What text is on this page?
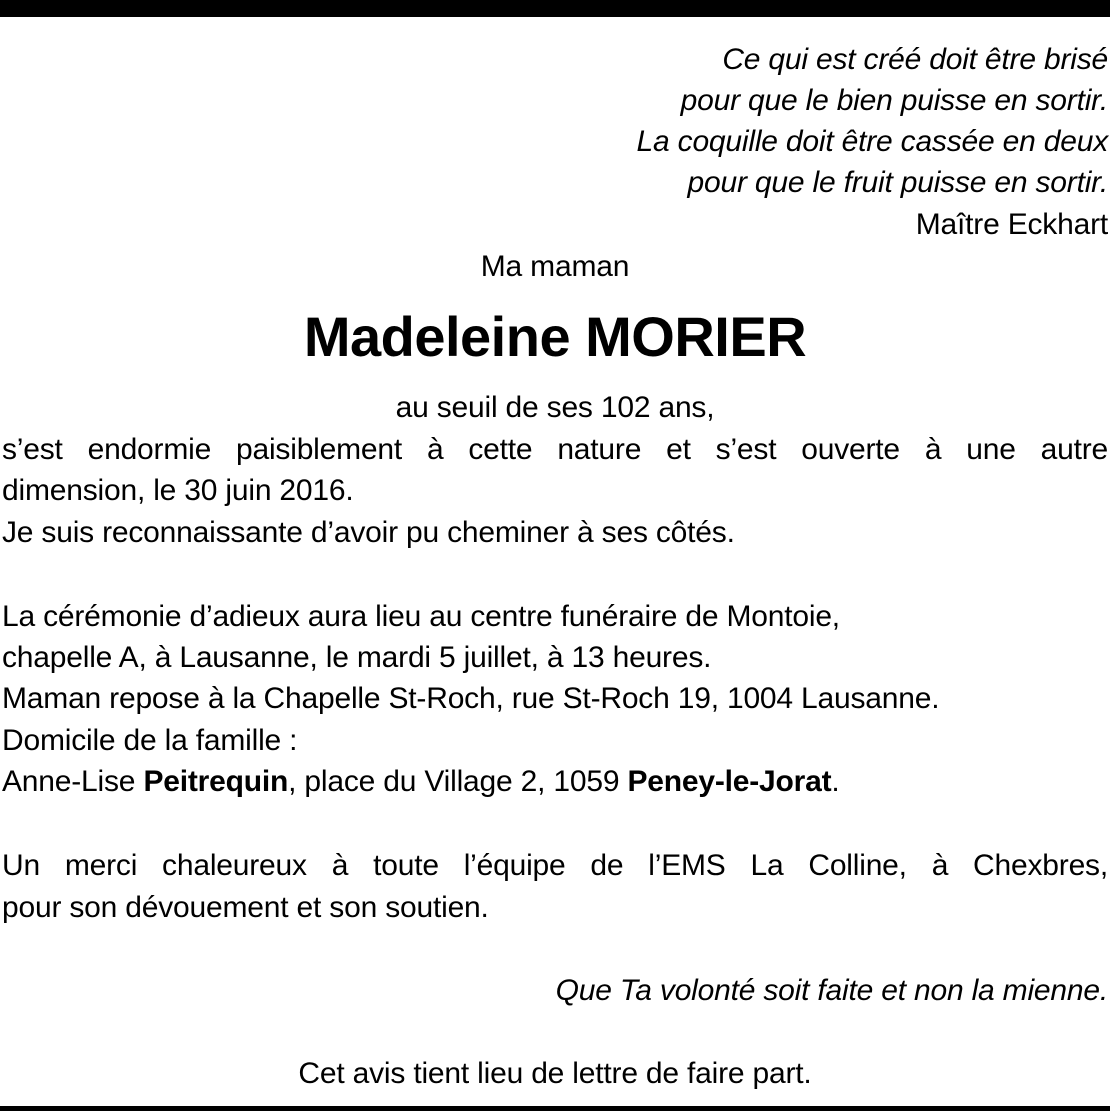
Ce qui est créé doit être brisé
pour que le bien puisse en sortir.
La coquille doit être cassée en deux
pour que le fruit puisse en sortir.
Maître Eckhart
Ma maman
Madeleine MORIER
au seuil de ses 102 ans,
s’est endormie paisiblement à cette nature et s’est ouverte à une autre
dimension, le 30 juin 2016.
Je suis reconnaissante d’avoir pu cheminer à ses côtés.
La cérémonie d’adieux aura lieu au centre funéraire de Montoie,
chapelle A, à Lausanne, le mardi 5 juillet, à 13 heures.
Maman repose à la Chapelle St-Roch, rue St-Roch 19, 1004 Lausanne.
Domicile de la famille :
Anne-Lise Peitrequin, place du Village 2, 1059 Peney-le-Jorat.
Un merci chaleureux à toute l’équipe de l’EMS La Colline, à Chexbres,
pour son dévouement et son soutien.
Que Ta volonté soit faite et non la mienne.
Cet avis tient lieu de lettre de faire part.
